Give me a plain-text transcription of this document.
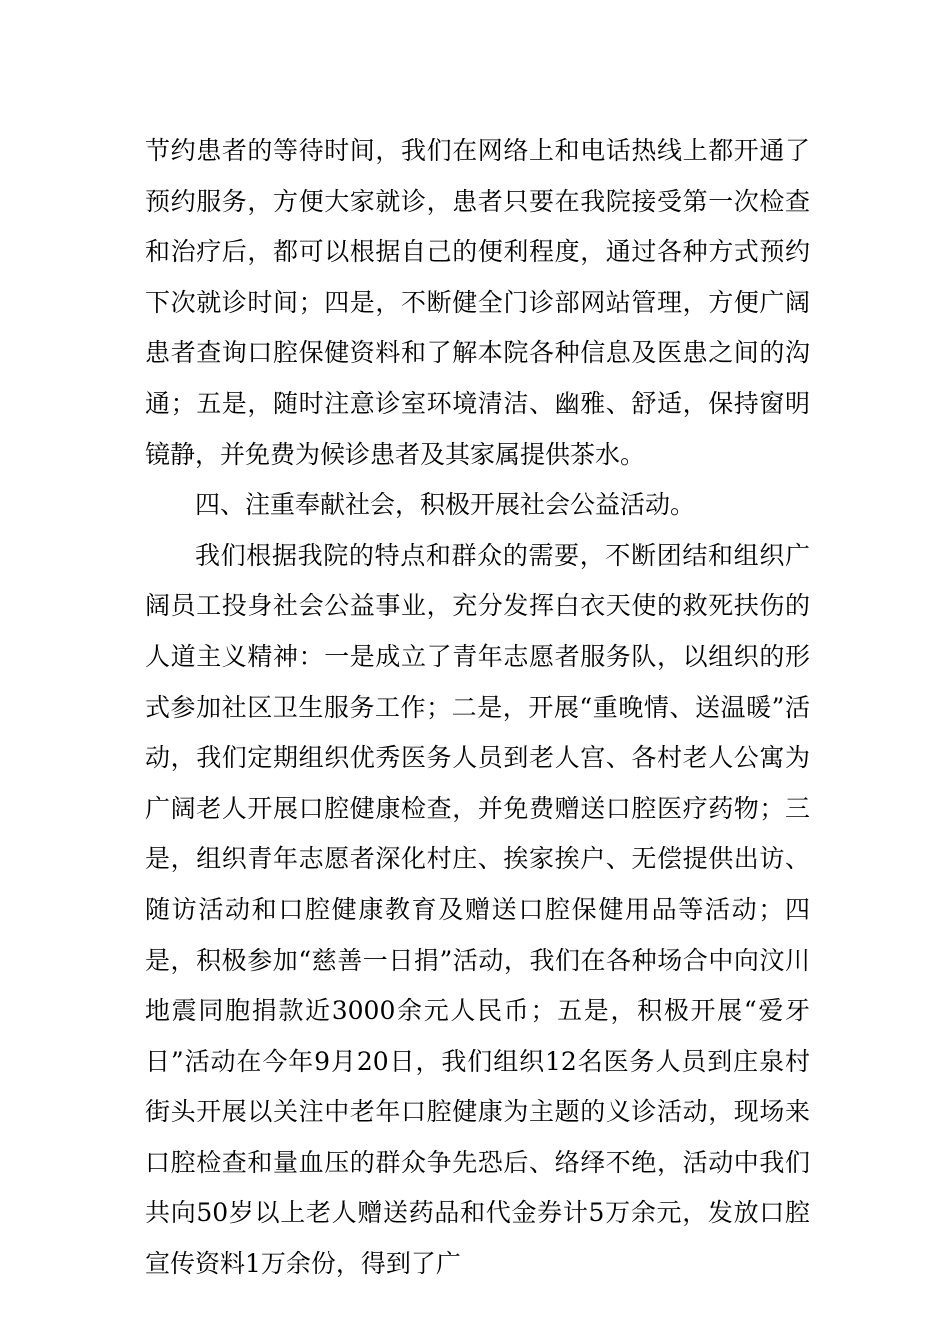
节约患者的等待时间，我们在网络上和电话热线上都开通了预约服务，方便大家就诊，患者只要在我院接受第一次检查和治疗后，都可以根据自己的便利程度，通过各种方式预约下次就诊时间；四是，不断健全门诊部网站管理，方便广阔患者查询口腔保健资料和了解本院各种信息及医患之间的沟通；五是，随时注意诊室环境清洁、幽雅、舒适，保持窗明镜静，并免费为候诊患者及其家属提供茶水。

四、注重奉献社会，积极开展社会公益活动。

我们根据我院的特点和群众的需要，不断团结和组织广阔员工投身社会公益事业，充分发挥白衣天使的救死扶伤的人道主义精神：一是成立了青年志愿者服务队，以组织的形式参加社区卫生服务工作；二是，开展“重晚情、送温暖”活动，我们定期组织优秀医务人员到老人宫、各村老人公寓为广阔老人开展口腔健康检查，并免费赠送口腔医疗药物；三是，组织青年志愿者深化村庄、挨家挨户、无偿提供出访、随访活动和口腔健康教育及赠送口腔保健用品等活动；四是，积极参加“慈善一日捐”活动，我们在各种场合中向汶川地震同胞捐款近3000余元人民币；五是，积极开展“爱牙日”活动在今年9月20日，我们组织12名医务人员到庄泉村街头开展以关注中老年口腔健康为主题的义诊活动，现场来口腔检查和量血压的群众争先恐后、络绎不绝，活动中我们共向50岁以上老人赠送药品和代金券计5万余元，发放口腔宣传资料1万余份，得到了广
